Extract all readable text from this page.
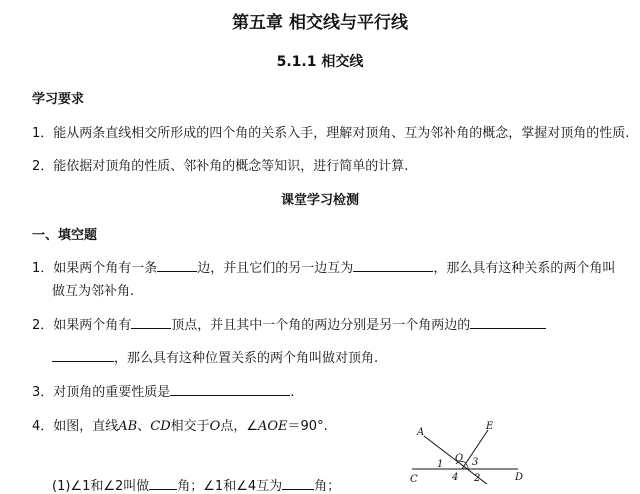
第五章 相交线与平行线
5.1.1 相交线
学习要求
1．能从两条直线相交所形成的四个角的关系入手，理解对顶角、互为邻补角的概念，掌握对顶角的性质.
2．能依据对顶角的性质、邻补角的概念等知识，进行简单的计算.
课堂学习检测
一、填空题
1．如果两个角有一条	边，并且它们的另一边互为	，那么具有这种关系的两个角叫
做互为邻补角.
2．如果两个角有	顶点，并且其中一个角的两边分别是另一个角两边的
，那么具有这种位置关系的两个角叫做对顶角.
3．对顶角的重要性质是	.
4．如图，直线AB、CD相交于O点，∠AOE＝90°.
(1)∠1和∠2叫做 角；∠1和∠4互为 角；
A
E
C	D
O
1
2
3
4
